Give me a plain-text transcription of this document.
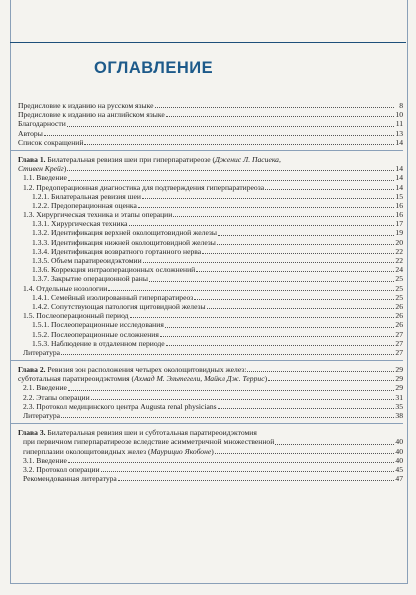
ОГЛАВЛЕНИЕ
Предисловие к изданию на русском языке	8
Предисловие к изданию на английском языке	10
Благодарности	11
Авторы	13
Список сокращений	14
Глава 1. Билатеральная ревизия шеи при гиперпаратиреозе (Дженис Л. Пасиека,
Стивен Крейг)	14
1.1. Введение	14
1.2. Предоперационная диагностика для подтверждения гиперпаратиреоза	14
1.2.1. Билатеральная ревизия шеи	15
1.2.2. Предоперационная оценка	16
1.3. Хирургическая техника и этапы операции	16
1.3.1. Хирургическая техника	17
1.3.2. Идентификация верхней околощитовидной железы	19
1.3.3. Идентификация нижней околощитовидной железы	20
1.3.4. Идентификация возвратного гортанного нерва	22
1.3.5. Объем паратиреоидэктомии	22
1.3.6. Коррекция интраоперационных осложнений	24
1.3.7. Закрытие операционной раны	25
1.4. Отдельные нозологии	25
1.4.1. Семейный изолированный гиперпаратиреоз	25
1.4.2. Сопутствующая патология щитовидной железы	26
1.5. Послеоперационный период	26
1.5.1. Послеоперационные исследования	26
1.5.2. Послеоперационные осложнения	27
1.5.3. Наблюдение в отдаленном периоде	27
Литература	27
Глава 2. Ревизия зон расположения четырех околощитовидных желез:	29
субтотальная паратиреоидэктомия (Ахмад М. Эльтегели, Майкл Дж. Террис)	29
2.1. Введение	29
2.2. Этапы операции	31
2.3. Протокол медицинского центра Augusta renal physicians	35
Литература	38
Глава 3. Билатеральная ревизия шеи и субтотальная паратиреоидэктомия
при первичном гиперпаратиреозе вследствие асимметричной множественной	40
гиперплазии околощитовидных желез (Маурицио Якобоне)	40
3.1. Введение	40
3.2. Протокол операции	45
Рекомендованная литература	47
